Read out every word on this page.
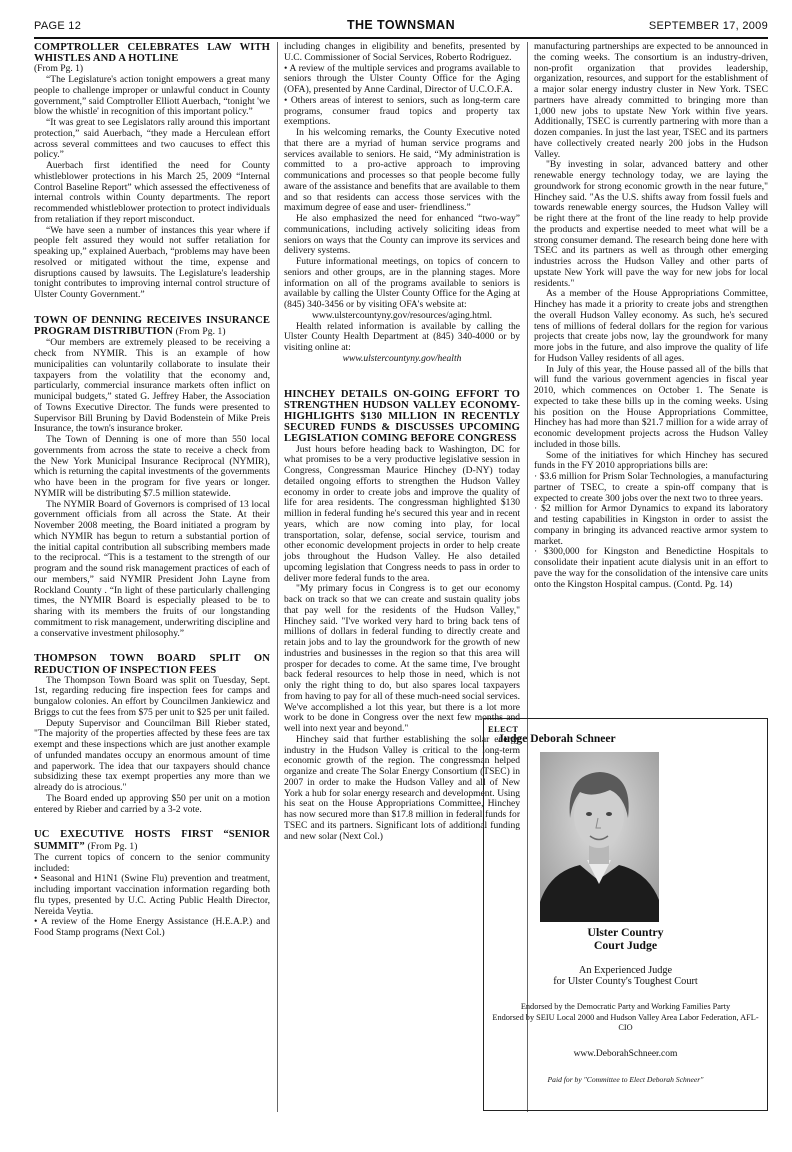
PAGE 12	THE TOWNSMAN	SEPTEMBER 17, 2009
COMPTROLLER CELEBRATES LAW WITH WHISTLES AND A HOTLINE

(From Pg. 1)

“The Legislature's action tonight empowers a great many people to challenge improper or unlawful conduct in County government,” said Comptroller Elliott Auerbach, “tonight 'we blow the whistle' in recognition of this important policy.”

“It was great to see Legislators rally around this important protection,” said Auerbach, “they made a Herculean effort across several committees and two caucuses to effect this policy.”

Auerbach first identified the need for County whistleblower protections in his March 25, 2009 “Internal Control Baseline Report” which assessed the effectiveness of internal controls within County departments. The report recommended whistleblower protection to protect individuals from retaliation if they report misconduct.

“We have seen a number of instances this year where if people felt assured they would not suffer retaliation for speaking up,” explained Auerbach, “problems may have been resolved or mitigated without the time, expense and disruptions caused by lawsuits. The Legislature's leadership tonight contributes to improving internal control structure of Ulster County Government.”

TOWN OF DENNING RECEIVES INSURANCE PROGRAM DISTRIBUTION (From Pg. 1)

“Our members are extremely pleased to be receiving a check from NYMIR. This is an example of how municipalities can voluntarily collaborate to insulate their taxpayers from the volatility that the economy and, particularly, commercial insurance markets often inflict on municipal budgets,” stated G. Jeffrey Haber, the Association of Towns Executive Director. The funds were presented to Supervisor Bill Bruning by David Bodenstein of Mike Preis Insurance, the town's insurance broker.

The Town of Denning is one of more than 550 local governments from across the state to receive a check from the New York Municipal Insurance Reciprocal (NYMIR), which is returning the capital investments of the governments who have been in the program for five years or longer. NYMIR will be distributing $7.5 million statewide.

The NYMIR Board of Governors is comprised of 13 local government officials from all across the State. At their November 2008 meeting, the Board initiated a program by which NYMIR has begun to return a substantial portion of the initial capital contribution all subscribing members made to the reciprocal. “This is a testament to the strength of our program and the sound risk management practices of each of our members,” said NYMIR President John Layne from Rockland County . “In light of these particularly challenging times, the NYMIR Board is especially pleased to be to sharing with its members the fruits of our longstanding commitment to risk management, underwriting discipline and a conservative investment philosophy.”

THOMPSON TOWN BOARD SPLIT ON REDUCTION OF INSPECTION FEES

The Thompson Town Board was split on Tuesday, Sept. 1st, regarding reducing fire inspection fees for camps and bungalow colonies. An effort by Councilmen Jankiewicz and Briggs to cut the fees from $75 per unit to $25 per unit failed.

Deputy Supervisor and Councilman Bill Rieber stated, "The majority of the properties affected by these fees are tax exempt and these inspections which are just another example of unfunded mandates occupy an enormous amount of time and paperwork. The idea that our taxpayers should chance subsidizing these tax exempt properties any more than we already do is atrocious."

The Board ended up approving $50 per unit on a motion entered by Rieber and carried by a 3-2 vote.

UC EXECUTIVE HOSTS FIRST “SENIOR SUMMIT” (From Pg. 1)

The current topics of concern to the senior community included:

• Seasonal and H1N1 (Swine Flu) prevention and treatment, including important vaccination information regarding both flu types, presented by U.C. Acting Public Health Director, Nereida Veytia.

• A review of the Home Energy Assistance (H.E.A.P.) and Food Stamp programs (Next Col.)

including changes in eligibility and benefits, presented by U.C. Commissioner of Social Services, Roberto Rodriguez.

• A review of the multiple services and programs available to seniors through the Ulster County Office for the Aging (OFA), presented by Anne Cardinal, Director of U.C.O.F.A.

• Others areas of interest to seniors, such as long-term care programs, consumer fraud topics and property tax exemptions.

In his welcoming remarks, the County Executive noted that there are a myriad of human service programs and services available to seniors. He said, “My administration is committed to a pro-active approach to improving communications and processes so that people become fully aware of the assistance and benefits that are available to them and so that residents can access those services with the maximum degree of ease and user- friendliness.”

He also emphasized the need for enhanced “two-way” communications, including actively soliciting ideas from seniors on ways that the County can improve its services and delivery systems.

Future informational meetings, on topics of concern to seniors and other groups, are in the planning stages. More information on all of the programs available to seniors is available by calling the Ulster County Office for the Aging at (845) 340-3456 or by visiting OFA's website at:

www.ulstercountyny.gov/resources/aging.html.

Health related information is available by calling the Ulster County Health Department at (845) 340-4000 or by visiting online at:

www.ulstercountyny.gov/health

HINCHEY DETAILS ON-GOING EFFORT TO STRENGTHEN HUDSON VALLEY ECONOMY-HIGHLIGHTS $130 MILLION IN RECENTLY SECURED FUNDS & DISCUSSES UPCOMING LEGISLATION COMING BEFORE CONGRESS

Just hours before heading back to Washington, DC for what promises to be a very productive legislative session in Congress, Congressman Maurice Hinchey (D-NY) today detailed ongoing efforts to strengthen the Hudson Valley economy in order to create jobs and improve the quality of life for area residents. The congressman highlighted $130 million in federal funding he's secured this year and in recent years, which are now coming into play, for local transportation, solar, defense, social service, tourism and other economic development projects in order to help create jobs throughout the Hudson Valley. He also detailed upcoming legislation that Congress needs to pass in order to deliver more federal funds to the area.

"My primary focus in Congress is to get our economy back on track so that we can create and sustain quality jobs that pay well for the residents of the Hudson Valley," Hinchey said. "I've worked very hard to bring back tens of millions of dollars in federal funding to directly create and retain jobs and to lay the groundwork for the growth of new industries and businesses in the region so that this area will prosper for decades to come. At the same time, I've brought back federal resources to help those in need, which is not only the right thing to do, but also spares local taxpayers from having to pay for all of these much-need social services. We've accomplished a lot this year, but there is a lot more work to be done in Congress over the next few months and well into next year and beyond."

Hinchey said that further establishing the solar energy industry in the Hudson Valley is critical to the long-term economic growth of the region. The congressman helped organize and create The Solar Energy Consortium (TSEC) in 2007 in order to make the Hudson Valley and all of New York a hub for solar energy research and development. Using his seat on the House Appropriations Committee, Hinchey has now secured more than $17.8 million in federal funds for TSEC and its partners. Significant lots of additional funding and new solar (Next Col.)

manufacturing partnerships are expected to be announced in the coming weeks. The consortium is an industry-driven, non-profit organization that provides leadership, organization, resources, and support for the establishment of a major solar energy industry cluster in New York. TSEC partners have already committed to bringing more than 1,000 new jobs to upstate New York within five years. Additionally, TSEC is currently partnering with more than a dozen companies. In just the last year, TSEC and its partners have collectively created nearly 200 jobs in the Hudson Valley.

"By investing in solar, advanced battery and other renewable energy technology today, we are laying the groundwork for strong economic growth in the near future," Hinchey said. "As the U.S. shifts away from fossil fuels and towards renewable energy sources, the Hudson Valley will be right there at the front of the line ready to help provide the products and expertise needed to meet what will be a strong consumer demand. The research being done here with TSEC and its partners as well as through other emerging industries across the Hudson Valley and other parts of upstate New York will pave the way for new jobs for local residents."

As a member of the House Appropriations Committee, Hinchey has made it a priority to create jobs and strengthen the overall Hudson Valley economy. As such, he's secured tens of millions of federal dollars for the region for various projects that create jobs now, lay the groundwork for many more jobs in the future, and also improve the quality of life for Hudson Valley residents of all ages.

In July of this year, the House passed all of the bills that will fund the various government agencies in fiscal year 2010, which commences on October 1. The Senate is expected to take these bills up in the coming weeks. Using his position on the House Appropriations Committee, Hinchey has had more than $21.7 million for a wide array of economic development projects across the Hudson Valley included in those bills.

Some of the initiatives for which Hinchey has secured funds in the FY 2010 appropriations bills are:

· $3.6 million for Prism Solar Technologies, a manufacturing partner of TSEC, to create a spin-off company that is expected to create 300 jobs over the next two to three years.

· $2 million for Armor Dynamics to expand its laboratory and testing capabilities in Kingston in order to assist the company in bringing its advanced reactive armor system to market.

· $300,000 for Kingston and Benedictine Hospitals to consolidate their inpatient acute dialysis unit in an effort to pave the way for the consolidation of the intensive care units onto the Kingston Hospital campus. (Contd. Pg. 14)

ELECT
Judge Deborah Schneer
Ulster Country
Court Judge
An Experienced Judge
for Ulster County's Toughest Court
Endorsed by the Democratic Party and Working Families Party
Endorsed by SEIU Local 2000 and Hudson Valley Area Labor Federation, AFL-CIO
www.DeborahSchneer.com
Paid for by "Committee to Elect Deborah Schneer"
